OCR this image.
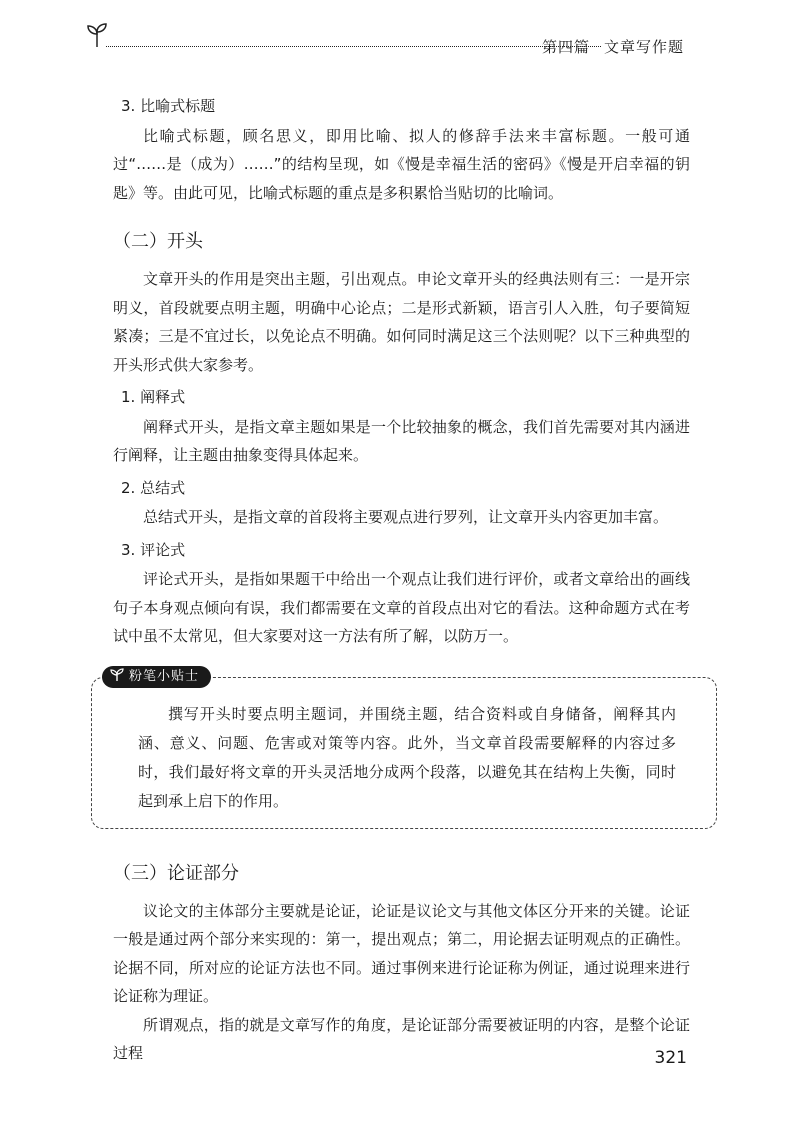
第四篇 文章写作题

3. 比喻式标题

比喻式标题，顾名思义，即用比喻、拟人的修辞手法来丰富标题。一般可通过“……是（成为）……”的结构呈现，如《慢是幸福生活的密码》《慢是开启幸福的钥匙》等。由此可见，比喻式标题的重点是多积累恰当贴切的比喻词。

（二）开头

文章开头的作用是突出主题，引出观点。申论文章开头的经典法则有三：一是开宗明义，首段就要点明主题，明确中心论点；二是形式新颖，语言引人入胜，句子要简短紧凑；三是不宜过长，以免论点不明确。如何同时满足这三个法则呢？以下三种典型的开头形式供大家参考。

1. 阐释式

阐释式开头，是指文章主题如果是一个比较抽象的概念，我们首先需要对其内涵进行阐释，让主题由抽象变得具体起来。

2. 总结式

总结式开头，是指文章的首段将主要观点进行罗列，让文章开头内容更加丰富。

3. 评论式

评论式开头，是指如果题干中给出一个观点让我们进行评价，或者文章给出的画线句子本身观点倾向有误，我们都需要在文章的首段点出对它的看法。这种命题方式在考试中虽不太常见，但大家要对这一方法有所了解，以防万一。

粉笔小贴士

撰写开头时要点明主题词，并围绕主题，结合资料或自身储备，阐释其内涵、意义、问题、危害或对策等内容。此外，当文章首段需要解释的内容过多时，我们最好将文章的开头灵活地分成两个段落，以避免其在结构上失衡，同时起到承上启下的作用。

（三）论证部分

议论文的主体部分主要就是论证，论证是议论文与其他文体区分开来的关键。论证一般是通过两个部分来实现的：第一，提出观点；第二，用论据去证明观点的正确性。论据不同，所对应的论证方法也不同。通过事例来进行论证称为例证，通过说理来进行论证称为理证。

所谓观点，指的就是文章写作的角度，是论证部分需要被证明的内容，是整个论证过程	321
